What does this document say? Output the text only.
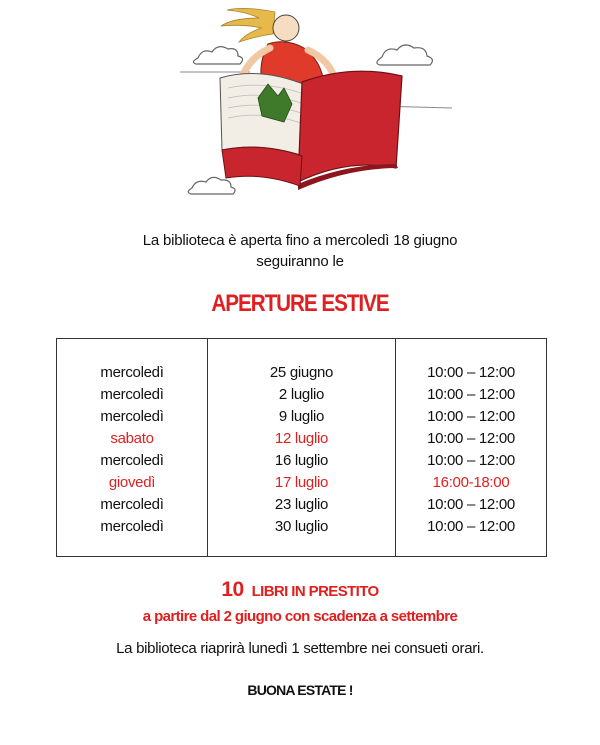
La biblioteca è aperta fino a mercoledì 18 giugno
seguiranno le
APERTURE ESTIVE
mercoledì
mercoledì
mercoledì
sabato
mercoledì
giovedì
mercoledì
mercoledì
25 giugno
2 luglio
9 luglio
12 luglio
16 luglio
17 luglio
23 luglio
30 luglio
10:00 – 12:00
10:00 – 12:00
10:00 – 12:00
10:00 – 12:00
10:00 – 12:00
16:00-18:00
10:00 – 12:00
10:00 – 12:00
10 LIBRI IN PRESTITO
a partire dal 2 giugno con scadenza a settembre
La biblioteca riaprirà lunedì 1 settembre nei consueti orari.
BUONA ESTATE !
